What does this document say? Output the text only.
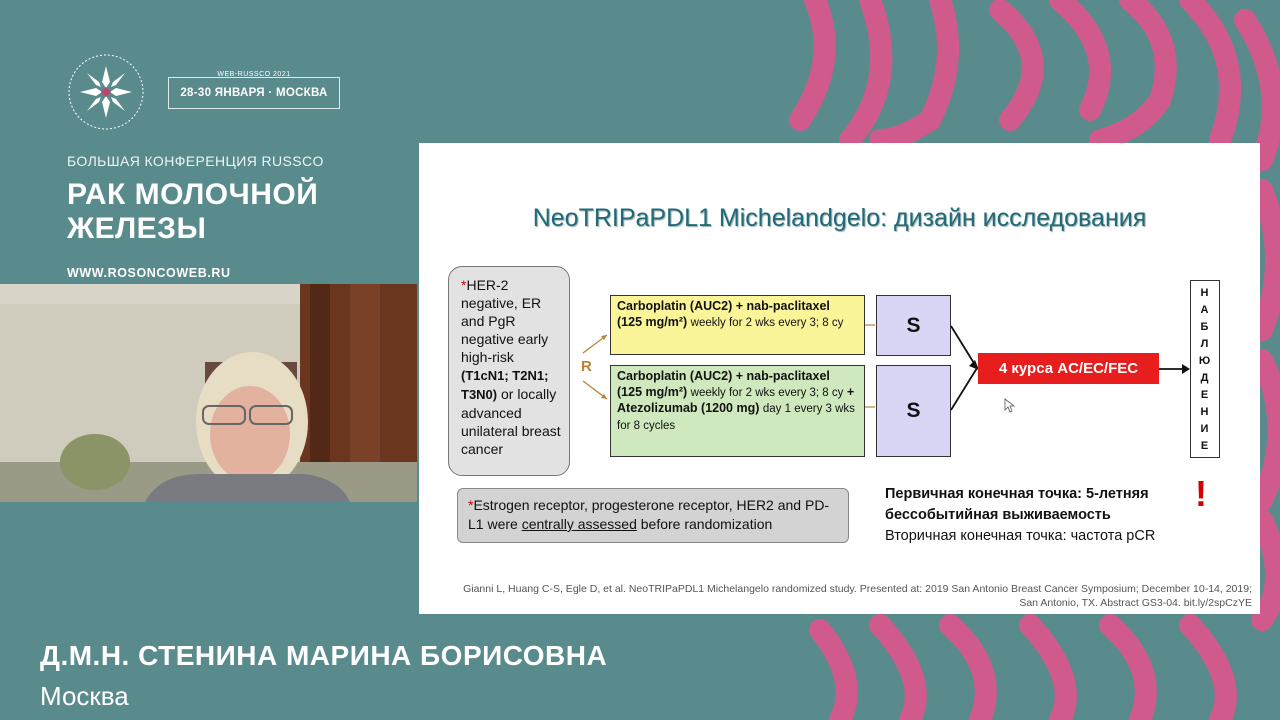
WEB-RUSSCO 2021
28-30 ЯНВАРЯ · МОСКВА
БОЛЬШАЯ КОНФЕРЕНЦИЯ RUSSCO
РАК МОЛОЧНОЙ
ЖЕЛЕЗЫ
WWW.ROSONCOWEB.RU
NeoTRIPaPDL1 Michelandgelo: дизайн исследования
*HER-2 negative, ER and PgR negative early high-risk (T1cN1; T2N1; T3N0) or locally advanced unilateral breast cancer
R
Carboplatin (AUC2) + nab-paclitaxel (125 mg/m²) weekly for 2 wks every 3; 8 cy
Carboplatin (AUC2) + nab-paclitaxel (125 mg/m²) weekly for 2 wks every 3; 8 cy + Atezolizumab (1200 mg) day 1 every 3 wks for 8 cycles
S
S
4 курса AC/EC/FEC
Н
А
Б
Л
Ю
Д
Е
Н
И
Е
*Estrogen receptor, progesterone receptor, HER2 and PD-L1 were centrally assessed before randomization
Первичная конечная точка: 5-летняя бессобытийная выживаемость
Вторичная конечная точка: частота pCR
!
Gianni L, Huang C-S, Egle D, et al. NeoTRIPaPDL1 Michelangelo randomized study. Presented at: 2019 San Antonio Breast Cancer Symposium; December 10-14, 2019;
San Antonio, TX. Abstract GS3-04. bit.ly/2spCzYE
Д.М.Н. СТЕНИНА МАРИНА БОРИСОВНА
Москва
